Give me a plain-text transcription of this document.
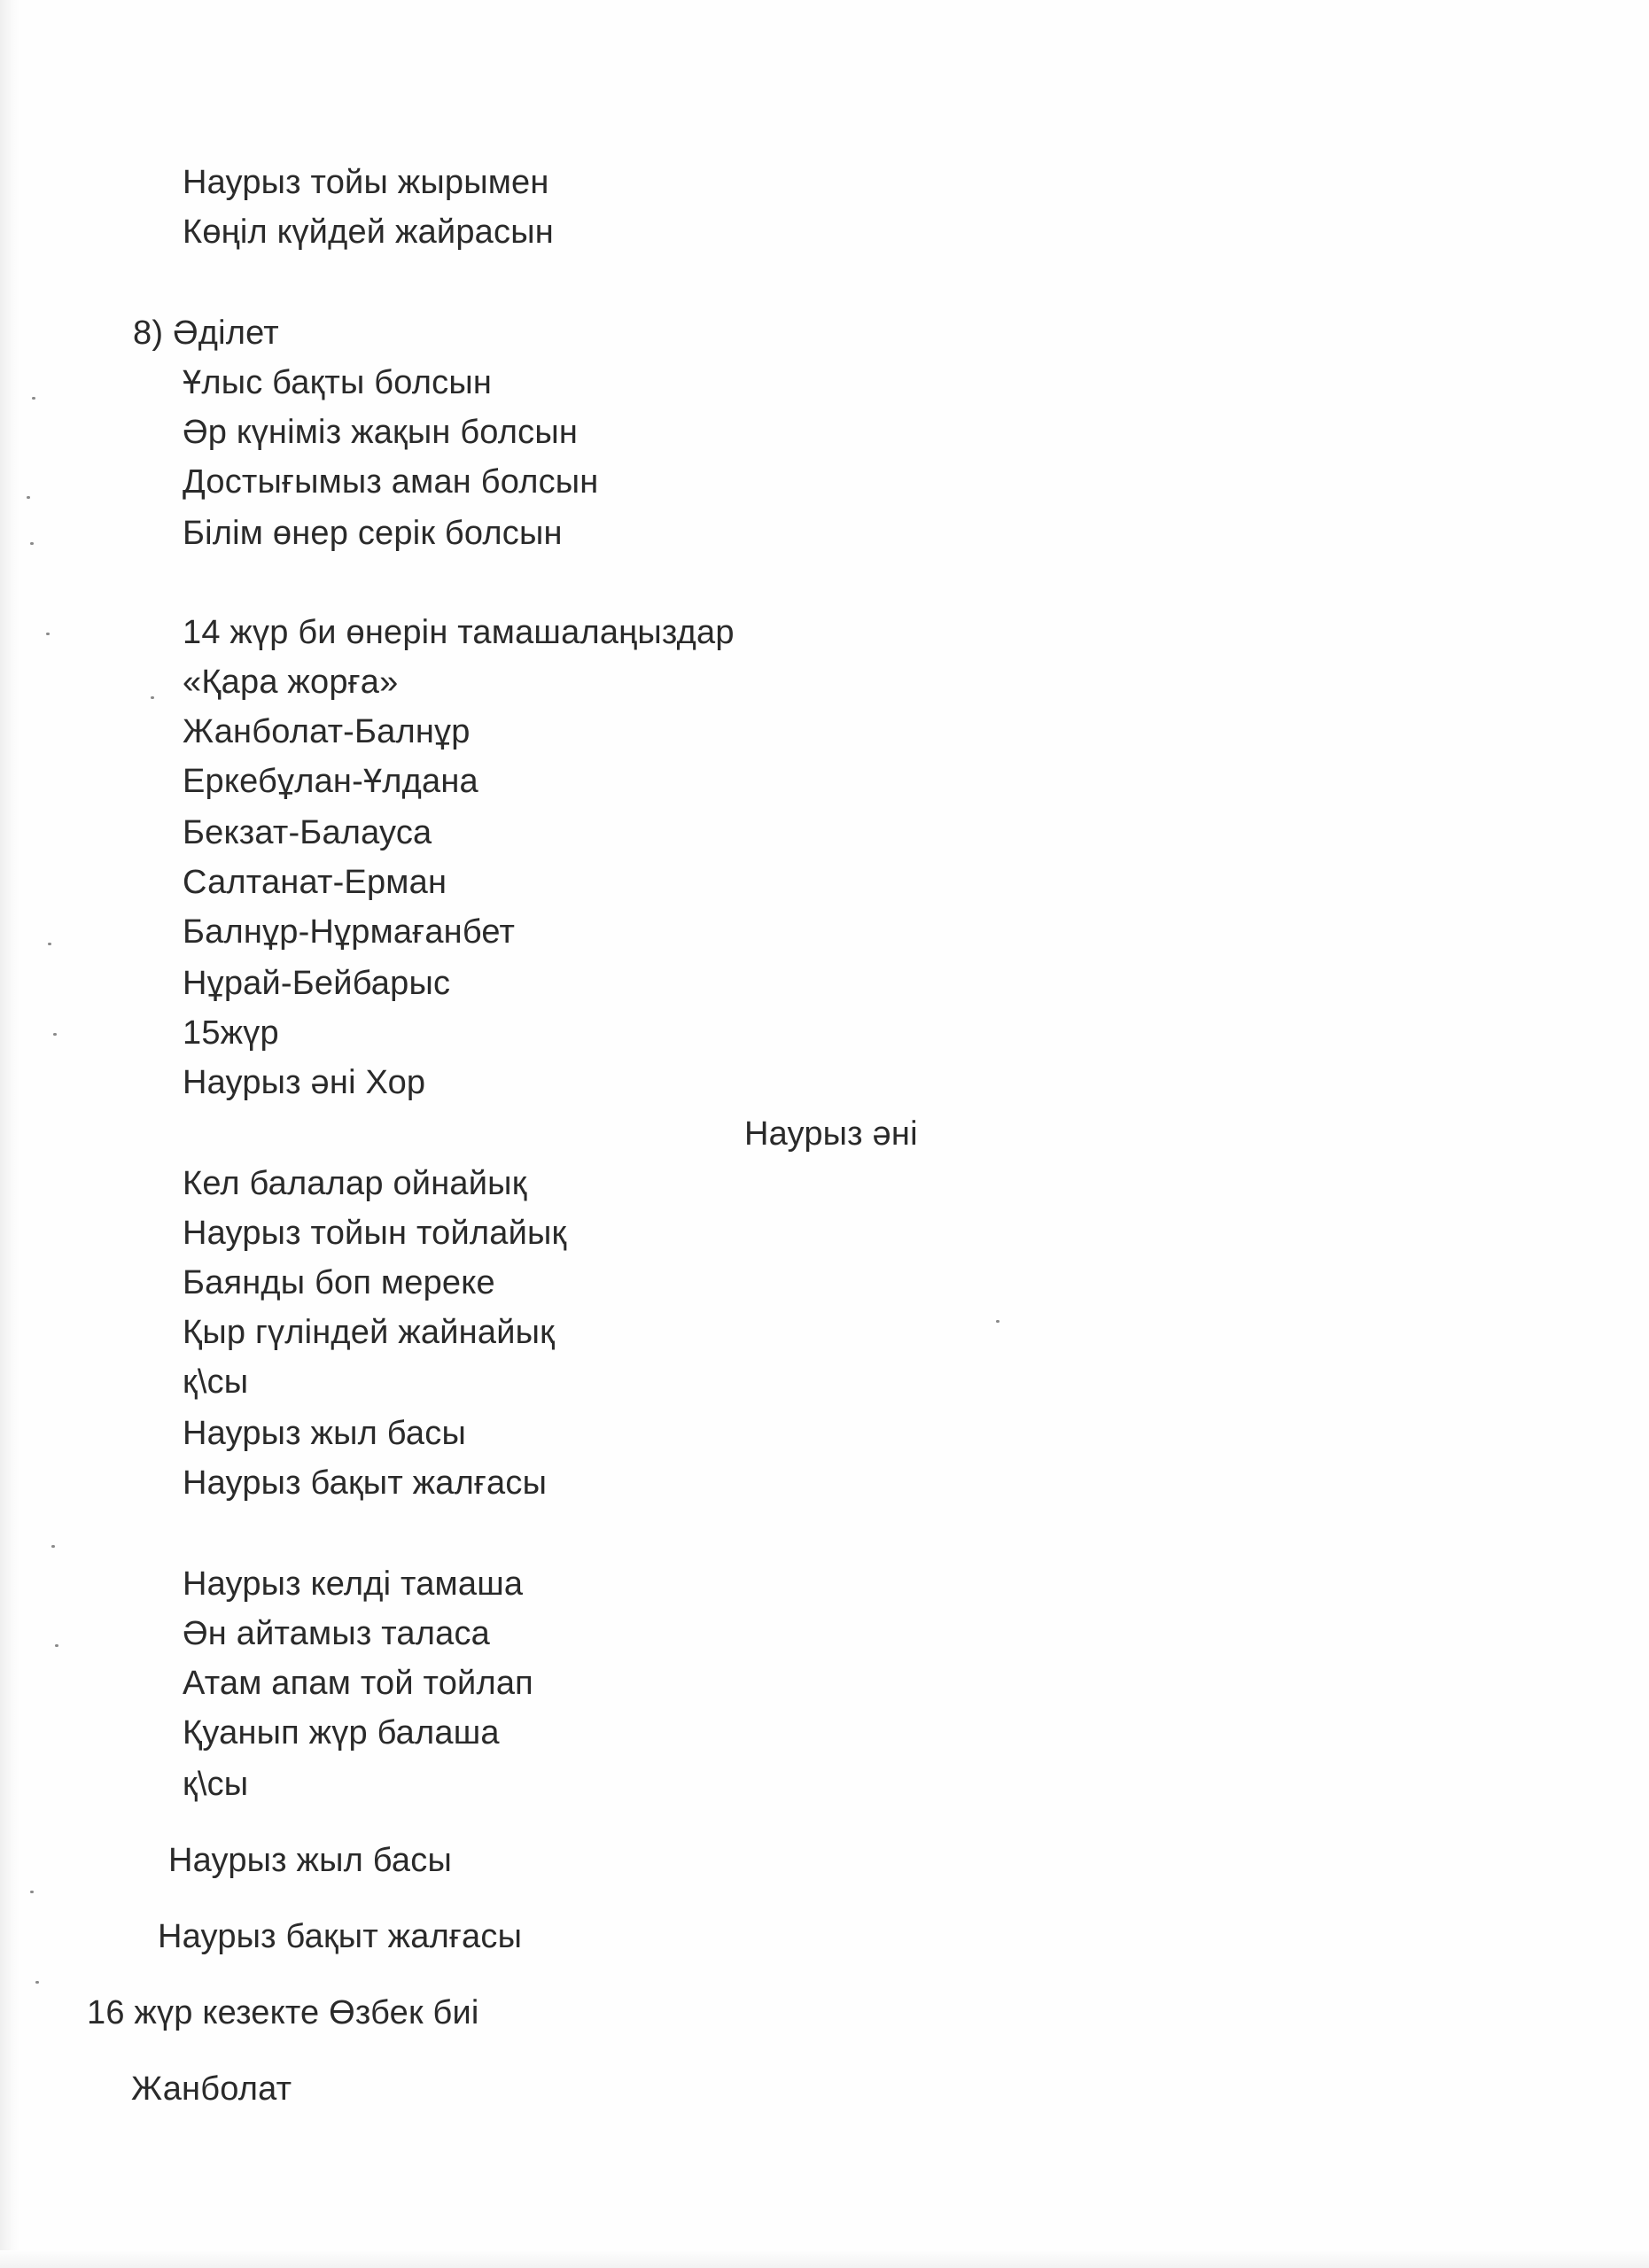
Наурыз тойы жырымен

Көңіл күйдей жайрасын

8) Әділет

Ұлыс бақты болсын

Әр күніміз жақын болсын

Достығымыз аман болсын

Білім өнер серік болсын

14 жүр би өнерін тамашалаңыздар

«Қара жорға»

Жанболат-Балнұр

Еркебұлан-Ұлдана

Бекзат-Балауса

Салтанат-Ерман

Балнұр-Нұрмағанбет

Нұрай-Бейбарыс

15жүр

Наурыз әні Хор

Наурыз әні

Кел балалар ойнайық

Наурыз тойын тойлайық

Баянды боп мереке

Қыр гүліндей жайнайық

қ\сы

Наурыз жыл басы

Наурыз бақыт жалғасы

Наурыз келді тамаша

Ән айтамыз таласа

Атам апам той тойлап

Қуанып жүр балаша

қ\сы

Наурыз жыл басы

Наурыз бақыт жалғасы

16 жүр кезекте Өзбек биі

Жанболат
